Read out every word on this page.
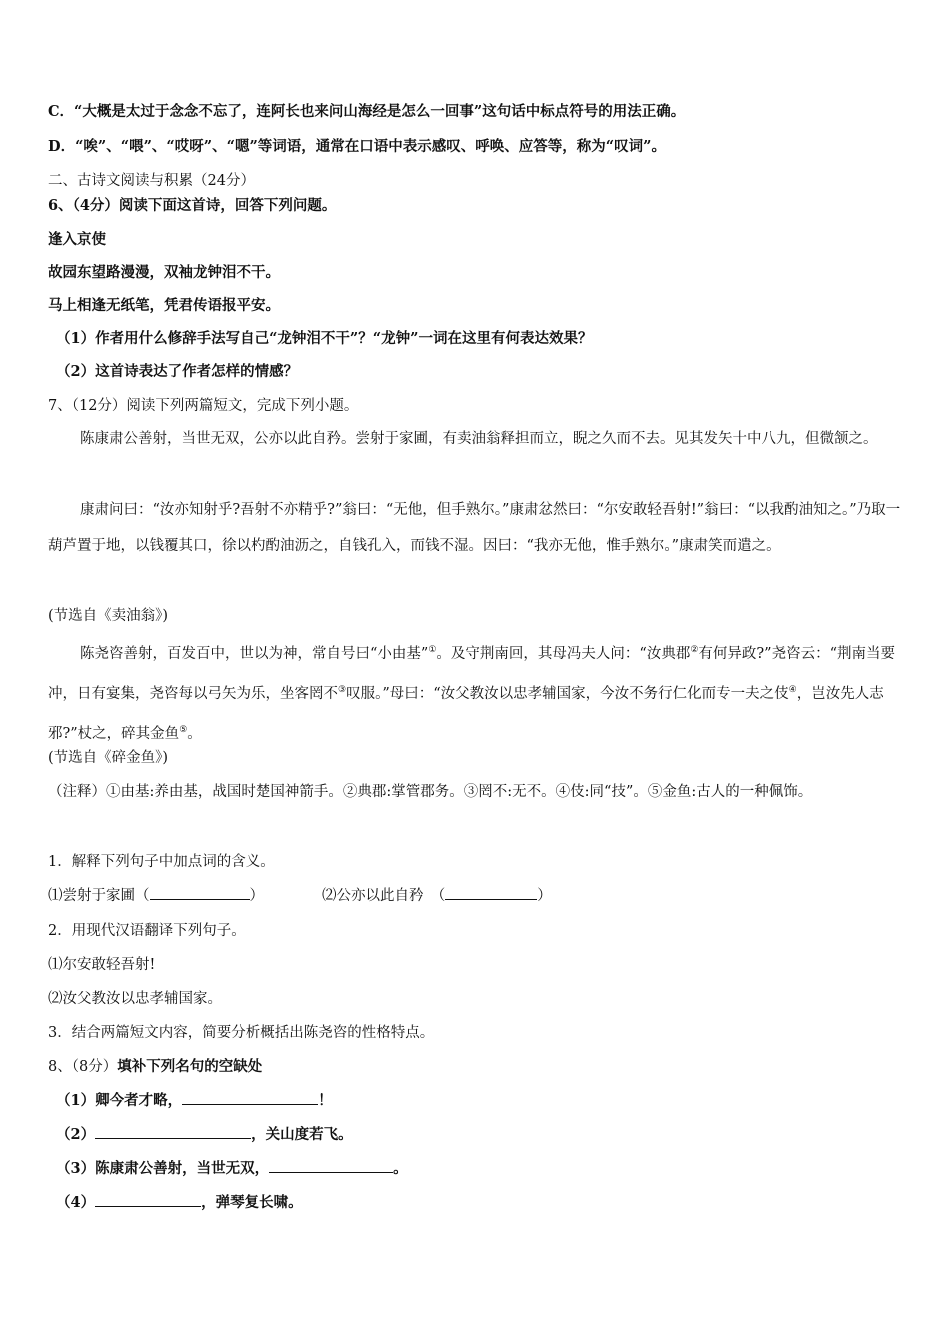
C．“大概是太过于念念不忘了，连阿长也来问山海经是怎么一回事”这句话中标点符号的用法正确。
D．“唉”、“喂”、“哎呀”、“嗯”等词语，通常在口语中表示感叹、呼唤、应答等，称为“叹词”。
二、古诗文阅读与积累（24分）
6、（4分）阅读下面这首诗，回答下列问题。
逢入京使
故园东望路漫漫，双袖龙钟泪不干。
马上相逢无纸笔，凭君传语报平安。
（1）作者用什么修辞手法写自己“龙钟泪不干”？“龙钟”一词在这里有何表达效果？
（2）这首诗表达了作者怎样的情感？
7、（12分）阅读下列两篇短文，完成下列小题。
陈康肃公善射，当世无双，公亦以此自矜。尝射于家圃，有卖油翁释担而立，睨之久而不去。见其发矢十中八九，但微颔之。
康肃问曰：“汝亦知射乎?吾射不亦精乎?”翁曰：“无他，但手熟尔。”康肃忿然曰：“尔安敢轻吾射!”翁曰：“以我酌油知之。”乃取一葫芦置于地，以钱覆其口，徐以杓酌油沥之，自钱孔入，而钱不湿。因曰：“我亦无他，惟手熟尔。”康肃笑而遣之。
(节选自《卖油翁》)
陈尧咨善射，百发百中，世以为神，常自号曰“小由基”①。及守荆南回，其母冯夫人问：“汝典郡②有何异政?”尧咨云：“荆南当要冲，日有宴集，尧咨每以弓矢为乐，坐客罔不③叹服。”母曰：“汝父教汝以忠孝辅国家，今汝不务行仁化而专一夫之伎④，岂汝先人志邪?”杖之，碎其金鱼⑤。
(节选自《碎金鱼》)
（注释）①由基:养由基，战国时楚国神箭手。②典郡:掌管郡务。③罔不:无不。④伎:同“技”。⑤金鱼:古人的一种佩饰。
1．解释下列句子中加点词的含义。
⑴尝射于家圃（	）	⑵公亦以此自矜　（	）
2．用现代汉语翻译下列句子。
⑴尔安敢轻吾射!
⑵汝父教汝以忠孝辅国家。
3．结合两篇短文内容，简要分析概括出陈尧咨的性格特点。
8、（8分）填补下列名句的空缺处
（1）卿今者才略，	！
（2）	，关山度若飞。
（3）陈康肃公善射，当世无双，	。
（4）	，弹琴复长啸。
